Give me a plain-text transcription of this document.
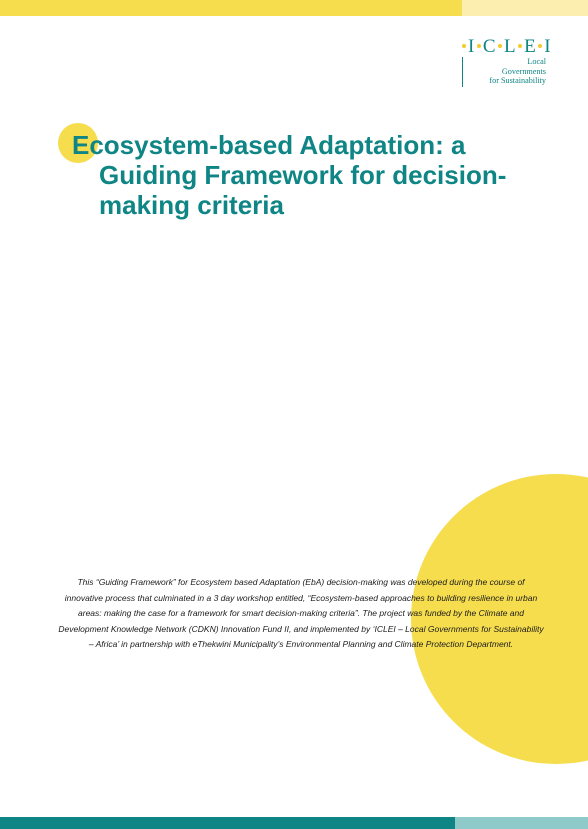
I C L E I
Local
Governments
for Sustainability
Ecosystem-based Adaptation: a
Guiding Framework for decision-
making criteria

This “Guiding Framework” for Ecosystem based Adaptation (EbA) decision-making was developed during the course of innovative process that culminated in a 3 day workshop entitled, “Ecosystem-based approaches to building resilience in urban areas: making the case for a framework for smart decision-making criteria”. The project was funded by the Climate and Development Knowledge Network (CDKN) Innovation Fund II, and implemented by ‘ICLEI – Local Governments for Sustainability – Africa’ in partnership with eThekwini Municipality’s Environmental Planning and Climate Protection Department.
